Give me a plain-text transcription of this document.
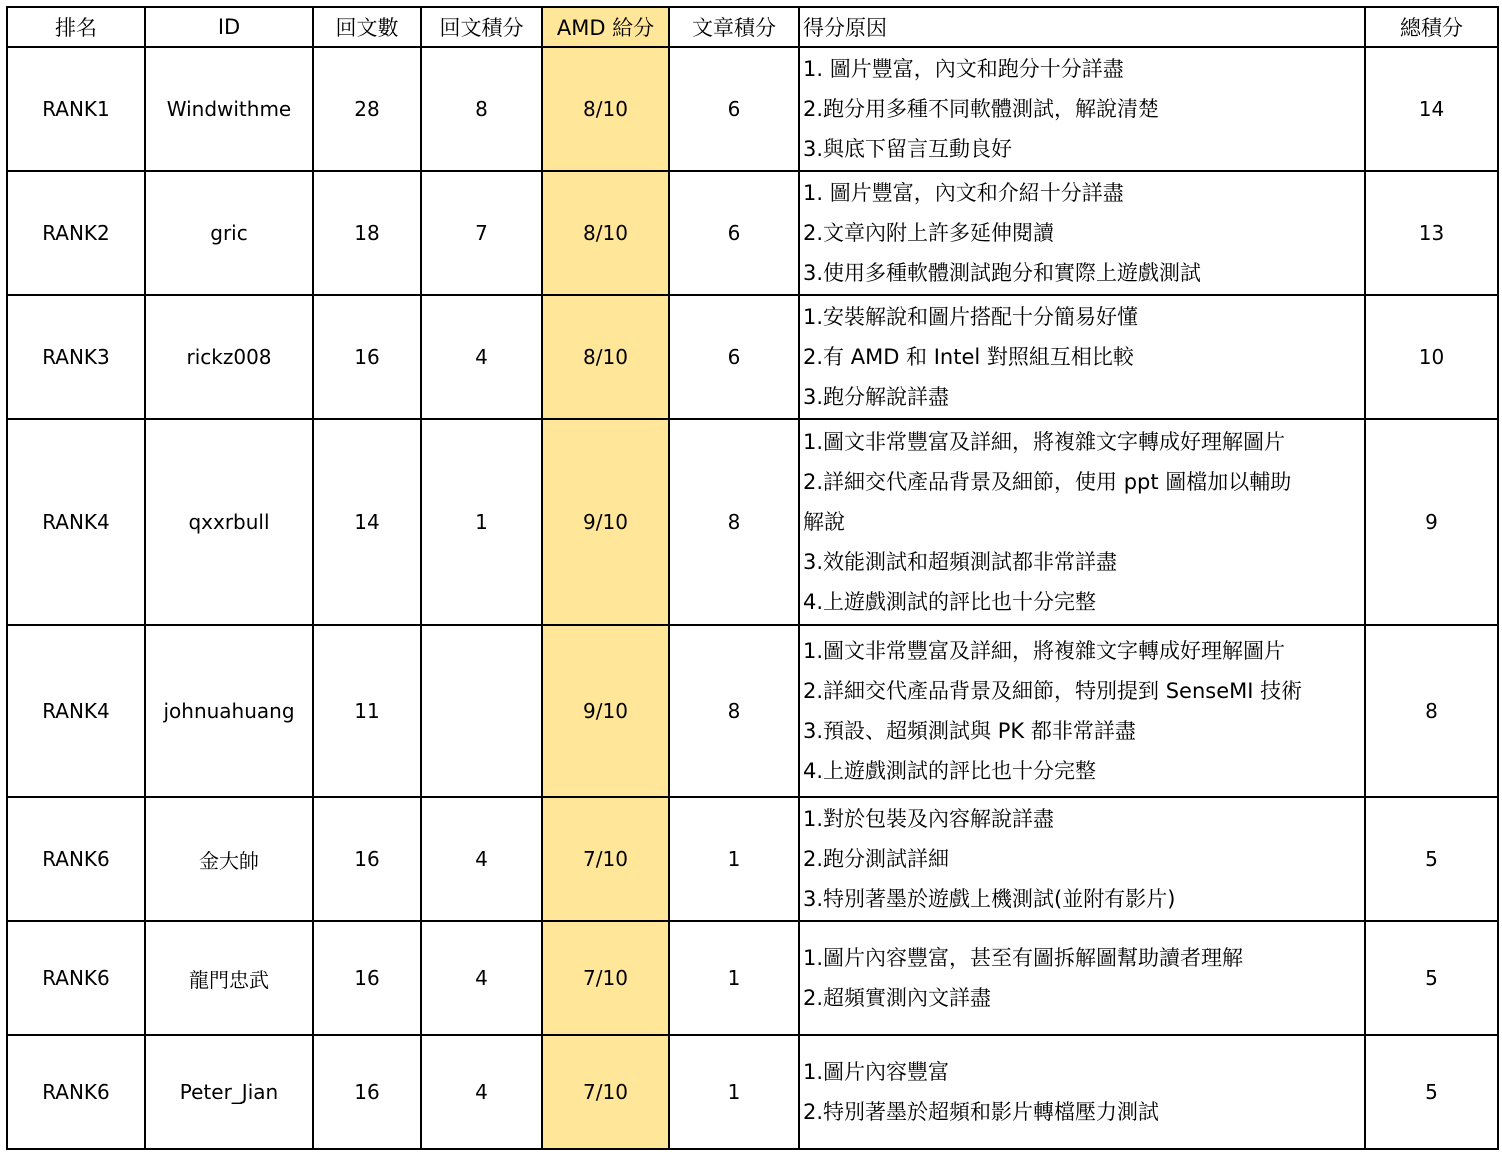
排名	ID	回文數	回文積分	AMD 給分	文章積分	得分原因	總積分
RANK1	Windwithme	28	8	8/10	6	1. 圖片豐富，內文和跑分十分詳盡
2.跑分用多種不同軟體測試，解說清楚
3.與底下留言互動良好	14
RANK2	gric	18	7	8/10	6	1. 圖片豐富，內文和介紹十分詳盡
2.文章內附上許多延伸閱讀
3.使用多種軟體測試跑分和實際上遊戲測試	13
RANK3	rickz008	16	4	8/10	6	1.安裝解說和圖片搭配十分簡易好懂
2.有 AMD 和 Intel 對照組互相比較
3.跑分解說詳盡	10
RANK4	qxxrbull	14	1	9/10	8	1.圖文非常豐富及詳細，將複雜文字轉成好理解圖片
2.詳細交代產品背景及細節，使用 ppt 圖檔加以輔助
解說
3.效能測試和超頻測試都非常詳盡
4.上遊戲測試的評比也十分完整	9
RANK4	johnuahuang	11		9/10	8	1.圖文非常豐富及詳細，將複雜文字轉成好理解圖片
2.詳細交代產品背景及細節，特別提到 SenseMI 技術
3.預設、超頻測試與 PK 都非常詳盡
4.上遊戲測試的評比也十分完整	8
RANK6	金大帥	16	4	7/10	1	1.對於包裝及內容解說詳盡
2.跑分測試詳細
3.特別著墨於遊戲上機測試(並附有影片)	5
RANK6	龍門忠武	16	4	7/10	1	1.圖片內容豐富，甚至有圖拆解圖幫助讀者理解
2.超頻實測內文詳盡	5
RANK6	Peter_Jian	16	4	7/10	1	1.圖片內容豐富
2.特別著墨於超頻和影片轉檔壓力測試	5
